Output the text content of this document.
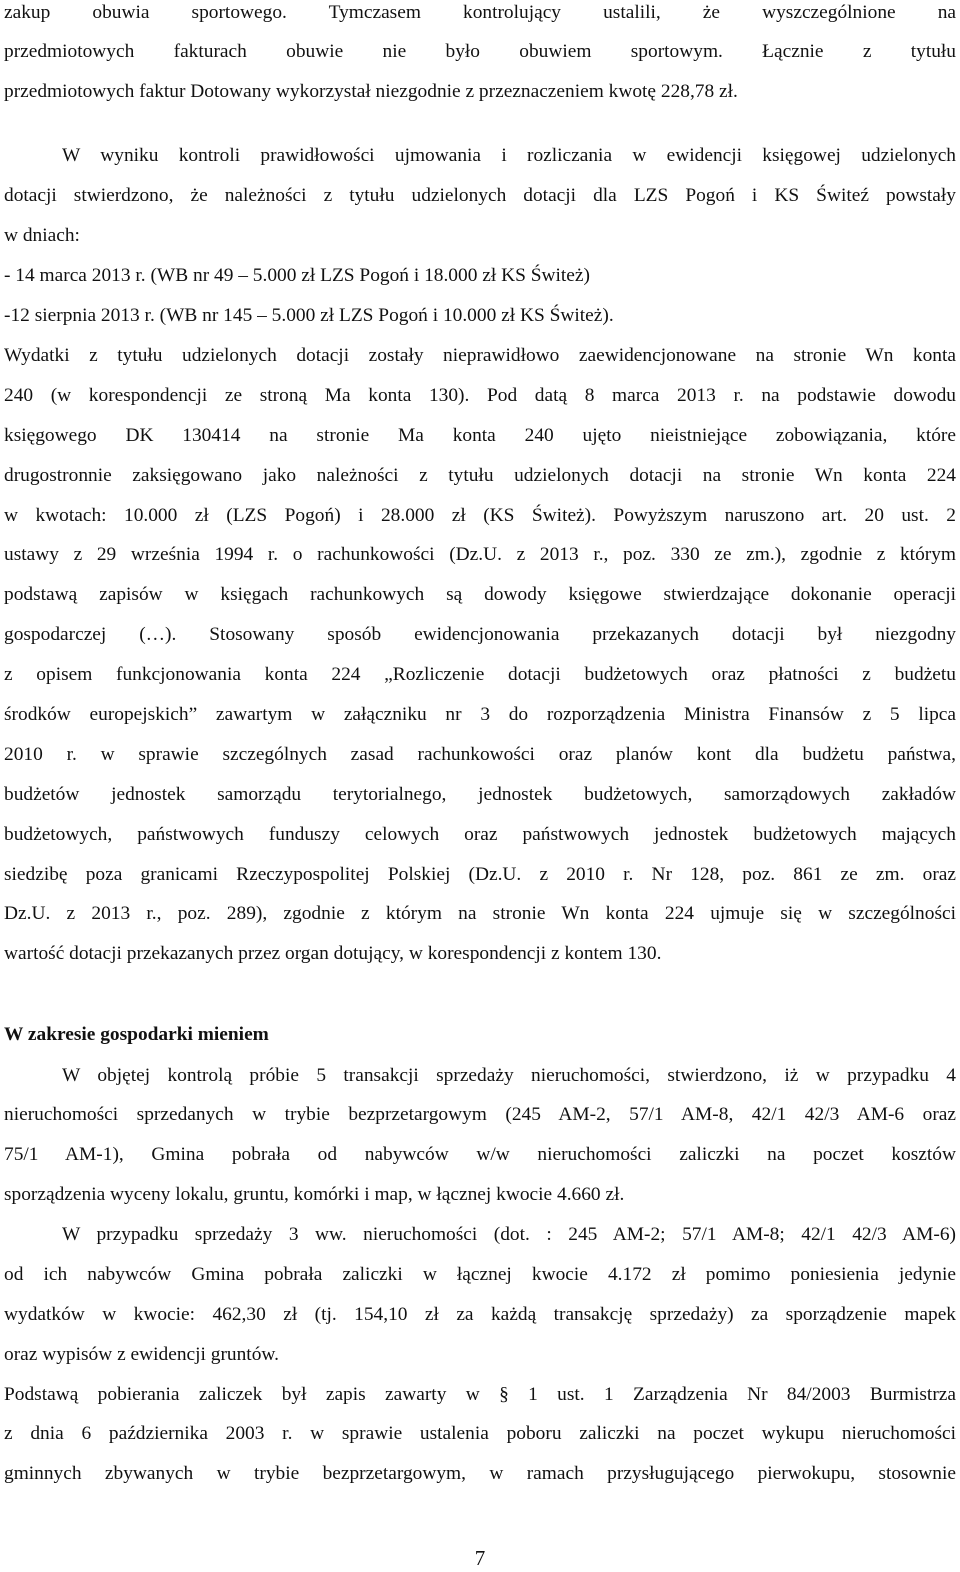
zakup obuwia sportowego. Tymczasem kontrolujący ustalili, że wyszczególnione na
przedmiotowych fakturach obuwie nie było obuwiem sportowym. Łącznie z tytułu
przedmiotowych faktur Dotowany wykorzystał niezgodnie z przeznaczeniem kwotę 228,78 zł.
W wyniku kontroli prawidłowości ujmowania i rozliczania w ewidencji księgowej udzielonych
dotacji stwierdzono, że należności z tytułu udzielonych dotacji dla LZS Pogoń i KS Świteź powstały
w dniach:
- 14 marca 2013 r. (WB nr 49 – 5.000 zł LZS Pogoń i 18.000 zł KS Świteż)
-12 sierpnia 2013 r. (WB nr 145 – 5.000 zł LZS Pogoń i 10.000 zł KS Świteż).
Wydatki z tytułu udzielonych dotacji zostały nieprawidłowo zaewidencjonowane na stronie Wn konta
240 (w korespondencji ze stroną Ma konta 130). Pod datą 8 marca 2013 r. na podstawie dowodu
księgowego DK 130414 na stronie Ma konta 240 ujęto nieistniejące zobowiązania, które
drugostronnie zaksięgowano jako należności z tytułu udzielonych dotacji na stronie Wn konta 224
w kwotach: 10.000 zł (LZS Pogoń) i 28.000 zł (KS Świteż). Powyższym naruszono art. 20 ust. 2
ustawy z 29 września 1994 r. o rachunkowości (Dz.U. z 2013 r., poz. 330 ze zm.), zgodnie z którym
podstawą zapisów w księgach rachunkowych są dowody księgowe stwierdzające dokonanie operacji
gospodarczej (…). Stosowany sposób ewidencjonowania przekazanych dotacji był niezgodny
z opisem funkcjonowania konta 224 „Rozliczenie dotacji budżetowych oraz płatności z budżetu
środków europejskich” zawartym w załączniku nr 3 do rozporządzenia Ministra Finansów z 5 lipca
2010 r. w sprawie szczególnych zasad rachunkowości oraz planów kont dla budżetu państwa,
budżetów jednostek samorządu terytorialnego, jednostek budżetowych, samorządowych zakładów
budżetowych, państwowych funduszy celowych oraz państwowych jednostek budżetowych mających
siedzibę poza granicami Rzeczypospolitej Polskiej (Dz.U. z 2010 r. Nr 128, poz. 861 ze zm. oraz
Dz.U. z 2013 r., poz. 289), zgodnie z którym na stronie Wn konta 224 ujmuje się w szczególności
wartość dotacji przekazanych przez organ dotujący, w korespondencji z kontem 130.
W zakresie gospodarki mieniem
W objętej kontrolą próbie 5 transakcji sprzedaży nieruchomości, stwierdzono, iż w przypadku 4
nieruchomości sprzedanych w trybie bezprzetargowym (245 AM-2, 57/1 AM-8, 42/1 42/3 AM-6 oraz
75/1 AM-1), Gmina pobrała od nabywców w/w nieruchomości zaliczki na poczet kosztów
sporządzenia wyceny lokalu, gruntu, komórki i map, w łącznej kwocie 4.660 zł.
W przypadku sprzedaży 3 ww. nieruchomości (dot. : 245 AM-2; 57/1 AM-8; 42/1 42/3 AM-6)
od ich nabywców Gmina pobrała zaliczki w łącznej kwocie 4.172 zł pomimo poniesienia jedynie
wydatków w kwocie: 462,30 zł (tj. 154,10 zł za każdą transakcję sprzedaży) za sporządzenie mapek
oraz wypisów z ewidencji gruntów.
Podstawą pobierania zaliczek był zapis zawarty w § 1 ust. 1 Zarządzenia Nr 84/2003 Burmistrza
z dnia 6 października 2003 r. w sprawie ustalenia poboru zaliczki na poczet wykupu nieruchomości
gminnych zbywanych w trybie bezprzetargowym, w ramach przysługującego pierwokupu, stosownie
7
